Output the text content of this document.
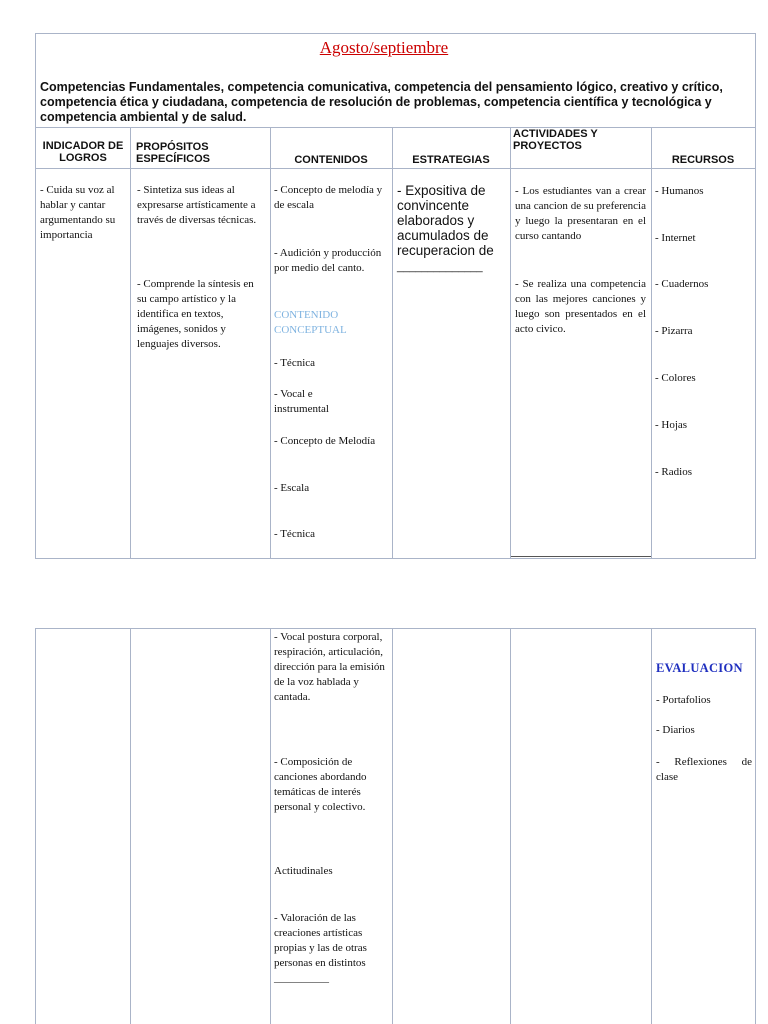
Agosto/septiembre
Competencias Fundamentales, competencia comunicativa, competencia del pensamiento lógico, creativo y crítico, competencia ética y ciudadana, competencia de resolución de problemas, competencia científica y tecnológica y competencia ambiental y de salud.
INDICADOR DE LOGROS
PROPÓSITOS ESPECÍFICOS	CONTENIDOS	ESTRATEGIAS
ACTIVIDADES Y PROYECTOS
RECURSOS
- Cuida su voz al hablar y cantar argumentando su importancia
- Sintetiza sus ideas al expresarse artísticamente a través de diversas técnicas.
- Comprende la síntesis en su campo artístico y la identifica en textos, imágenes, sonidos y lenguajes diversos.
- Concepto de melodía y de escala
- Audición y producción por medio del canto.
CONTENIDO CONCEPTUAL
- Técnica
- Vocal e instrumental
- Concepto de Melodía
- Escala
- Técnica
- Expositiva de convincente elaborados y acumulados de recuperacion de
______________
- Los estudiantes van a crear una cancion de su preferencia y luego la presentaran en el curso cantando
- Se realiza una competencia con las mejores canciones y luego son presentados en el acto civico.
- Humanos
- Internet
- Cuadernos
- Pizarra
- Colores
- Hojas
- Radios
- Vocal postura corporal, respiración, articulación, dirección para la emisión de la voz hablada y cantada.
- Composición de canciones abordando temáticas de interés personal y colectivo.
Actitudinales
- Valoración de las creaciones artísticas propias y las de otras personas en distintos __________
EVALUACION
- Portafolios
- Diarios
- Reflexiones de clase
